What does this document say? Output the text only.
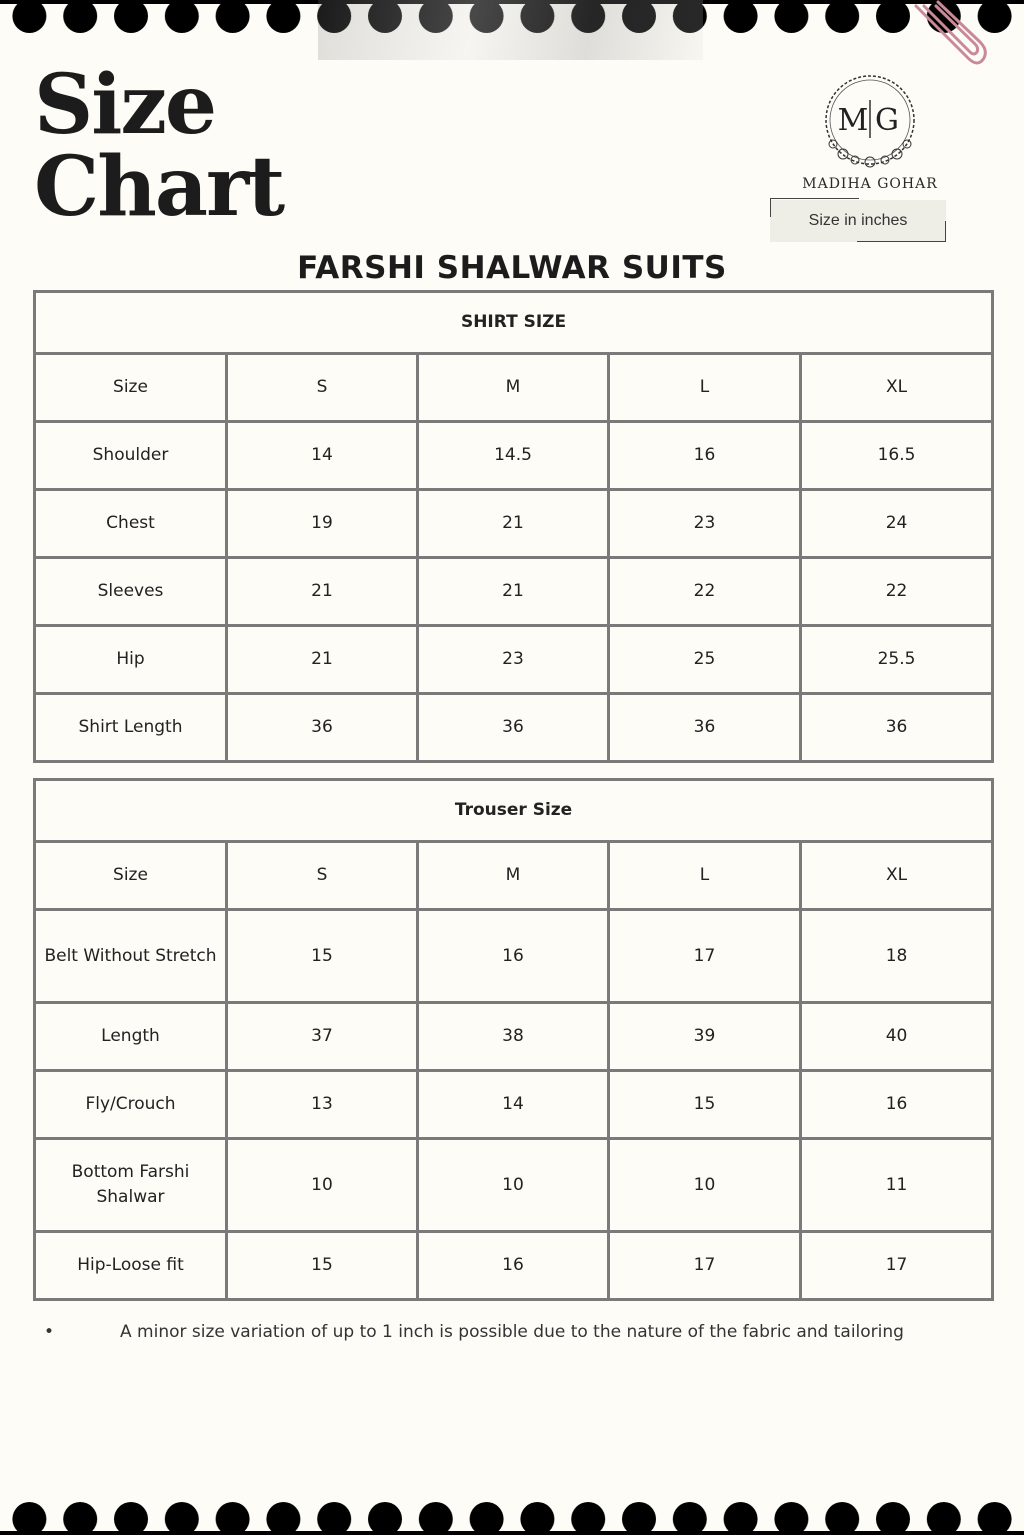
Size
Chart
M G
MADIHA GOHAR
Size in inches
FARSHI SHALWAR SUITS
SHIRT SIZE				
Size	S	M	L	XL
Shoulder	14	14.5	16	16.5
Chest	19	21	23	24
Sleeves	21	21	22	22
Hip	21	23	25	25.5
Shirt Length	36	36	36	36
Trouser Size				
Size	S	M	L	XL
Belt Without Stretch	15	16	17	18
Length	37	38	39	40
Fly/Crouch	13	14	15	16
Bottom Farshi Shalwar	10	10	10	11
Hip-Loose fit	15	16	17	17
•	A minor size variation of up to 1 inch is possible due to the nature of the fabric and tailoring
